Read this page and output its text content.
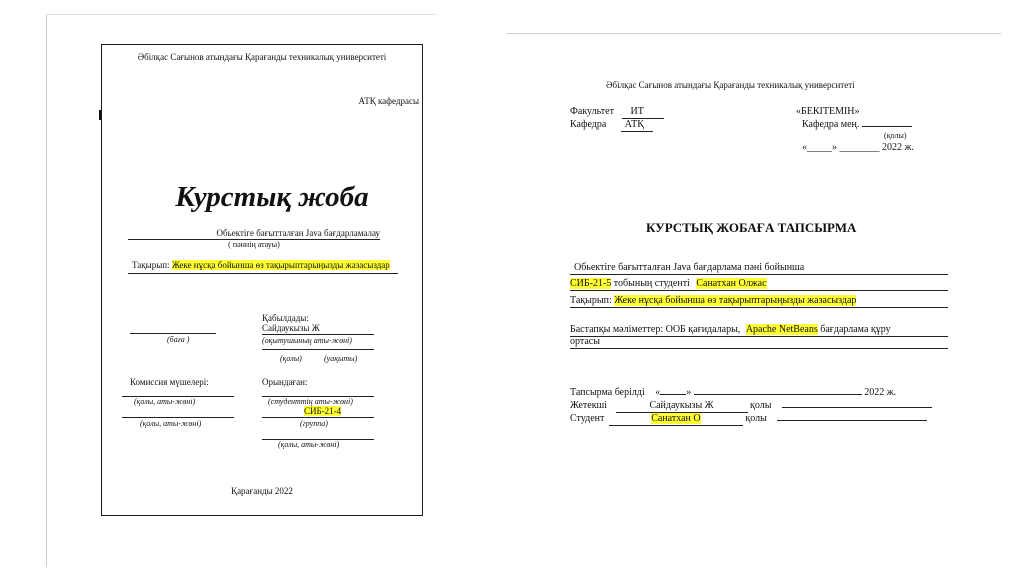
Әбілқас Сағынов атындағы Қарағанды техникалық университеті
АТҚ кафедрасы
Курстық жоба
Обьектіге бағытталған Java бағдарламалау
( пәннің атауы)
Тақырып: Жеке нұсқа бойынша өз тақырыптарыңызды жазасыздар
Қабылдады:
Сайдаукызы Ж
(баға )	(оқытушының аты-жөні)
(қолы)	(уақыты)
Комиссия мүшелері:	Орындаған:
(қолы, аты-жөні)	(студенттің аты-жөні)
СИБ-21-4
(қолы, аты-жөні)	(группа)
(қолы, аты-жөні)
Қарағанды 2022
Әбілқас Сағынов атындағы Қарағанды техникалық университеті
Факультет ИТ
Кафедра АТҚ
«БЕКІТЕМІН»
Кафедра мең.
(қолы)
«_____» ________ 2022 ж.
КУРСТЫҚ ЖОБАҒА ТАПСЫРМА
Обьектіге бағытталған Java бағдарлама пәні бойынша
СИБ-21-5 тобының студенті Санатхан Олжас
Тақырып: Жеке нұсқа бойынша өз тақырыптарыңызды жазасыздар
Бастапқы мәліметтер: ООБ қағидалары, Apache NetBeans бағдарлама құру
ортасы
Тапсырма берілді «	»	2022 ж.
Жетекші	Сайдаукызы Ж	қолы
Студент	Санатхан О	қолы
